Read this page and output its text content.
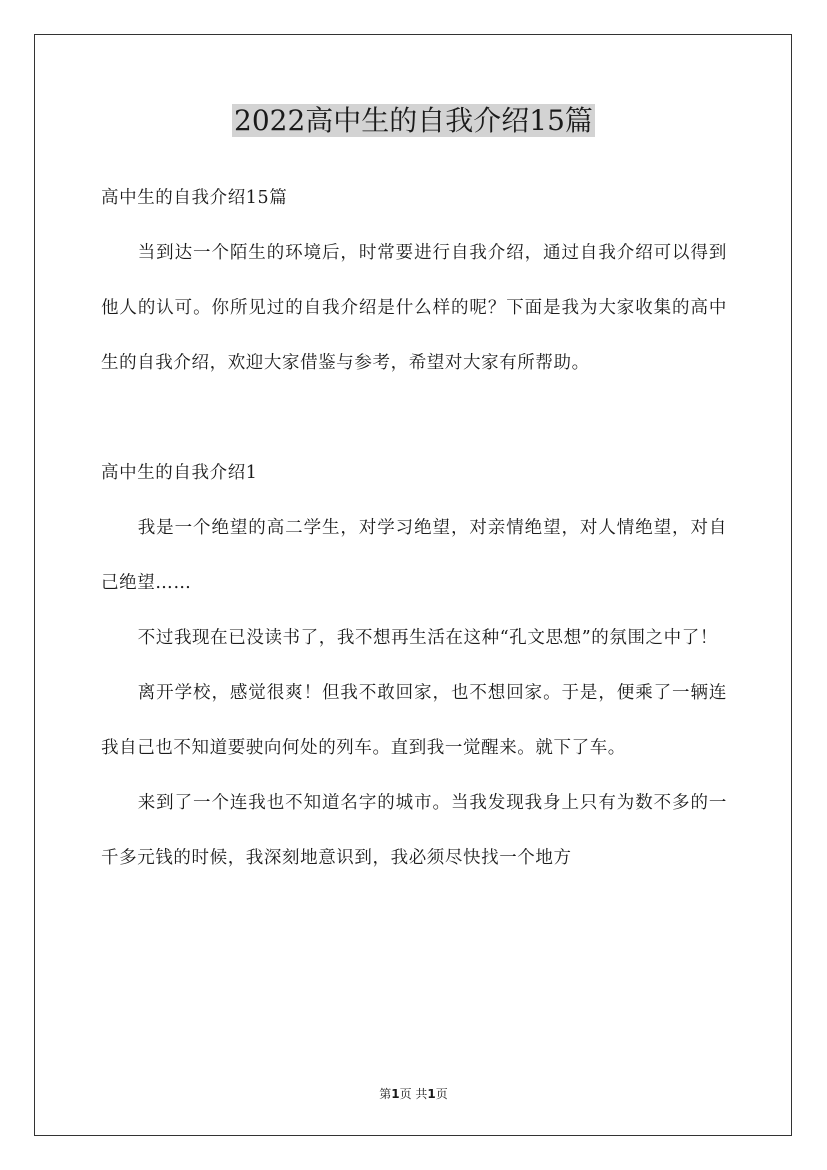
2022高中生的自我介绍15篇

高中生的自我介绍15篇

当到达一个陌生的环境后，时常要进行自我介绍，通过自我介绍可以得到他人的认可。你所见过的自我介绍是什么样的呢？下面是我为大家收集的高中生的自我介绍，欢迎大家借鉴与参考，希望对大家有所帮助。

高中生的自我介绍1

我是一个绝望的高二学生，对学习绝望，对亲情绝望，对人情绝望，对自己绝望……

不过我现在已没读书了，我不想再生活在这种“孔文思想”的氛围之中了！

离开学校，感觉很爽！但我不敢回家，也不想回家。于是，便乘了一辆连我自己也不知道要驶向何处的列车。直到我一觉醒来。就下了车。

来到了一个连我也不知道名字的城市。当我发现我身上只有为数不多的一千多元钱的时候，我深刻地意识到，我必须尽快找一个地方

第1页 共1页
